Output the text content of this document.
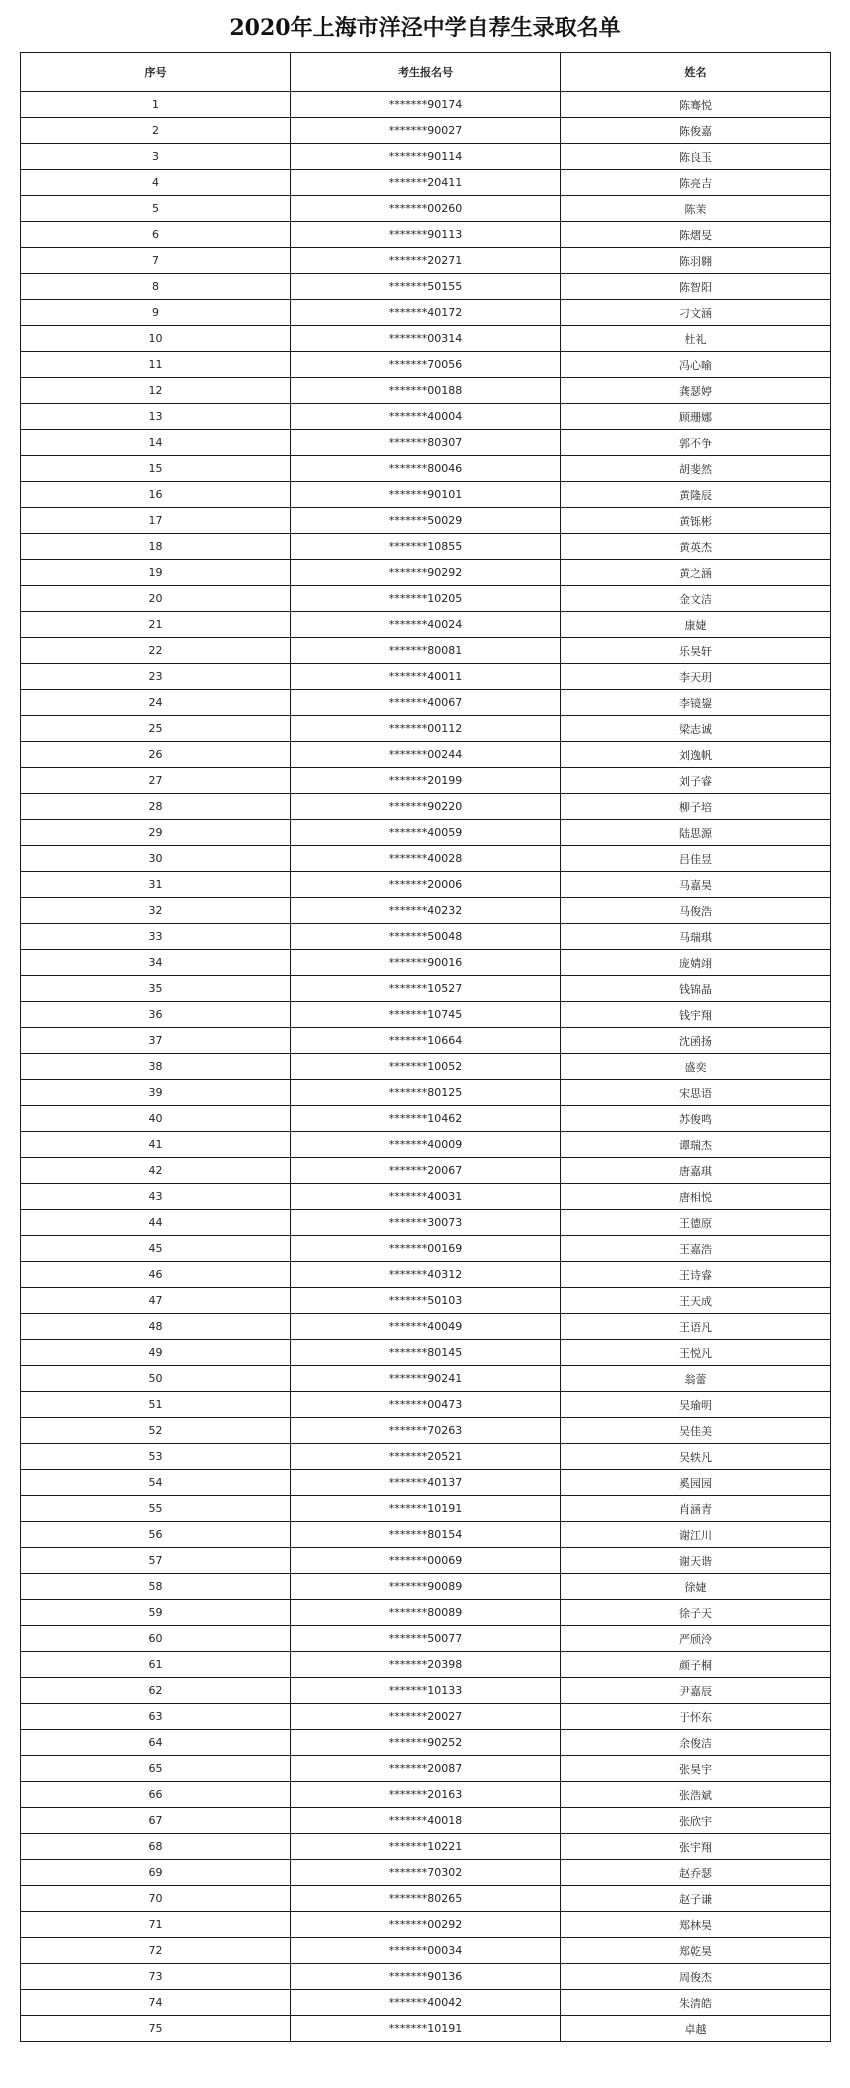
2020年上海市洋泾中学自荐生录取名单
序号	考生报名号	姓名
1	*******90174	陈骞悦
2	*******90027	陈俊嘉
3	*******90114	陈良玉
4	*******20411	陈亮吉
5	*******00260	陈茉
6	*******90113	陈熠旻
7	*******20271	陈羽翱
8	*******50155	陈智阳
9	*******40172	刁文涵
10	*******00314	杜礼
11	*******70056	冯心喻
12	*******00188	龚瑟婷
13	*******40004	顾珊娜
14	*******80307	郭不争
15	*******80046	胡斐然
16	*******90101	黄隆辰
17	*******50029	黄铄彬
18	*******10855	黄英杰
19	*******90292	黄之涵
20	*******10205	金文洁
21	*******40024	康婕
22	*******80081	乐昊轩
23	*******40011	李天玥
24	*******40067	李镜鋆
25	*******00112	梁志诚
26	*******00244	刘逸帆
27	*******20199	刘子睿
28	*******90220	柳子培
29	*******40059	陆思源
30	*******40028	吕佳昱
31	*******20006	马嘉昊
32	*******40232	马俊浩
33	*******50048	马瑞琪
34	*******90016	庞婧翊
35	*******10527	钱锦晶
36	*******10745	钱宇翔
37	*******10664	沈函扬
38	*******10052	盛奕
39	*******80125	宋思语
40	*******10462	苏俊鸣
41	*******40009	谭瑞杰
42	*******20067	唐嘉琪
43	*******40031	唐相悦
44	*******30073	王德原
45	*******00169	王嘉浩
46	*******40312	王诗睿
47	*******50103	王天成
48	*******40049	王语凡
49	*******80145	王悦凡
50	*******90241	翁蕾
51	*******00473	吴瑜明
52	*******70263	吴佳美
53	*******20521	吴轶凡
54	*******40137	奚园园
55	*******10191	肖涵青
56	*******80154	谢江川
57	*******00069	谢天谐
58	*******90089	徐婕
59	*******80089	徐子天
60	*******50077	严颀泠
61	*******20398	颜子桐
62	*******10133	尹嘉辰
63	*******20027	于怀东
64	*******90252	余俊洁
65	*******20087	张昊宇
66	*******20163	张浩斌
67	*******40018	张欣宇
68	*******10221	张宇翔
69	*******70302	赵乔瑟
70	*******80265	赵子谦
71	*******00292	郑林昊
72	*******00034	郑乾昊
73	*******90136	周俊杰
74	*******40042	朱清皓
75	*******10191	卓越
